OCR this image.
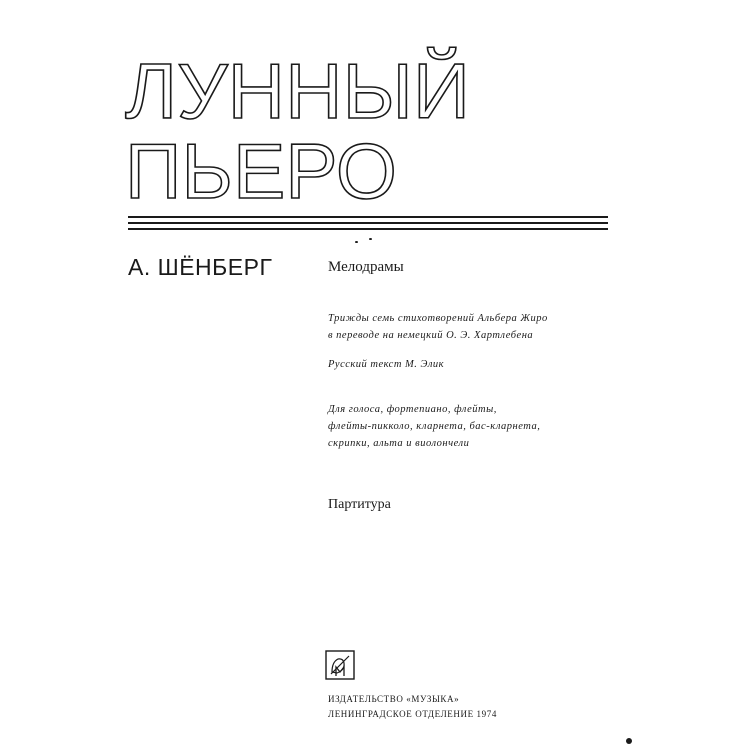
ЛУННЫЙ
ПЬЕРО
А. ШЁНБЕРГ	Мелодрамы
Трижды семь стихотворений Альбера Жиро
в переводе на немецкий О. Э. Хартлебена
Русский текст М. Элик
Для голоса, фортепиано, флейты,
флейты-пикколо, кларнета, бас-кларнета,
скрипки, альта и виолончели
Партитура
ИЗДАТЕЛЬСТВО «МУЗЫКА»
ЛЕНИНГРАДСКОЕ ОТДЕЛЕНИЕ 1974
